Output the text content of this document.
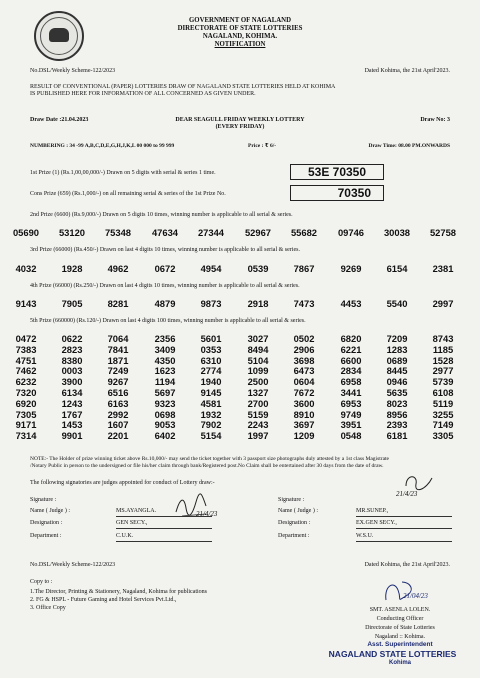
GOVERNMENT OF NAGALAND
DIRECTORATE OF STATE LOTTERIES
NAGALAND, KOHIMA.
NOTIFICATION
No.DSL/Weekly Scheme-122/2023	Dated Kohima, the 21st April'2023.
RESULT OF CONVENTIONAL (PAPER) LOTTERIES DRAW OF NAGALAND STATE LOTTERIES HELD AT KOHIMA
IS PUBLISHED HERE FOR INFORMATION OF ALL CONCERNED AS GIVEN UNDER.
Draw Date :21.04.2023	DEAR SEAGULL FRIDAY WEEKLY LOTTERY
(EVERY FRIDAY)
Draw No: 3
NUMBERING : 34 -99 A,B,C,D,E,G,H,J,K,L 00 000 to 99 999	Price : ₹ 6/-	Draw Time: 08.00 PM.ONWARDS
1st Prize (1) (Rs.1,00,00,000/-) Drawn on 5 digits with serial & series 1 time.	53E 70350
Cons Prize (659) (Rs.1,000/-) on all remaining serial & series of the 1st Prize No.	70350
2nd Prize (6600) (Rs.9,000/-) Drawn on 5 digits 10 times, winning number is applicable to all serial & series.
05690	53120	75348	47634	27344	52967	55682	09746	30038	52758
3rd Prize (66000) (Rs.450/-) Drawn on last 4 digits 10 times, winning number is applicable to all serial & series.
4032	1928	4962	0672	4954	0539	7867	9269	6154	2381
4th Prize (66000) (Rs.250/-) Drawn on last 4 digits 10 times, winning number is applicable to all serial & series.
9143	7905	8281	4879	9873	2918	7473	4453	5540	2997
5th Prize (660000) (Rs.120/-) Drawn on last 4 digits 100 times, winning number is applicable to all serial & series.
0472	0622	7064	2356	5601	3027	0502	6820	7209	8743
7383	2823	7841	3409	0353	8494	2906	6221	1283	1185
4751	8380	1871	4350	6310	5104	3698	6600	0689	1528
7462	0003	7249	1623	2774	1099	6473	2834	8445	2977
6232	3900	9267	1194	1940	2500	0604	6958	0946	5739
7320	6134	6516	5697	9145	1327	7672	3441	5635	6108
6920	1243	6163	9323	4581	2700	3600	6953	8023	5119
7305	1767	2992	0698	1932	5159	8910	9749	8956	3255
9171	1453	1607	9053	7902	2243	3697	3951	2393	7149
7314	9901	2201	6402	5154	1997	1209	0548	6181	3305
NOTE:- The Holder of prize winning ticket above Rs.10,000/- may send the ticket together with 3 passport size photographs duly attested by a 1st class Magistrate
/Notary Public in person to the undersigned or file his/her claim through bank/Registered post.No Claim shall be entertained after 30 days from the date of draw.
The following signatories are judges appointed for conduct of Lottery draw:-
Signature :
Name ( Judge ) :	MS.AYANGLA.
Designation :	GEN SECY.,
Department :	C.U.K.
21/4/23
Signature :
Name ( Judge ) :	MR.SUNEP.,
Designation :	EX.GEN SECY.,
Department :	W.S.U.
21/4/23
No.DSL/Weekly Scheme-122/2023	Dated Kohima, the 21st April'2023.
Copy to :
1.The Director, Printing & Stationery, Nagaland, Kohima for publications
2. FG & HSPL - Future Gaming and Hotel Services Pvt.Ltd.,
3. Office Copy
21/04/23
SMT. ASENLA LOLEN.
Conducting Officer
Directorate of State Lotteries
Nagaland :: Kohima.
Asst. Superintendent
NAGALAND STATE LOTTERIES
Kohima
